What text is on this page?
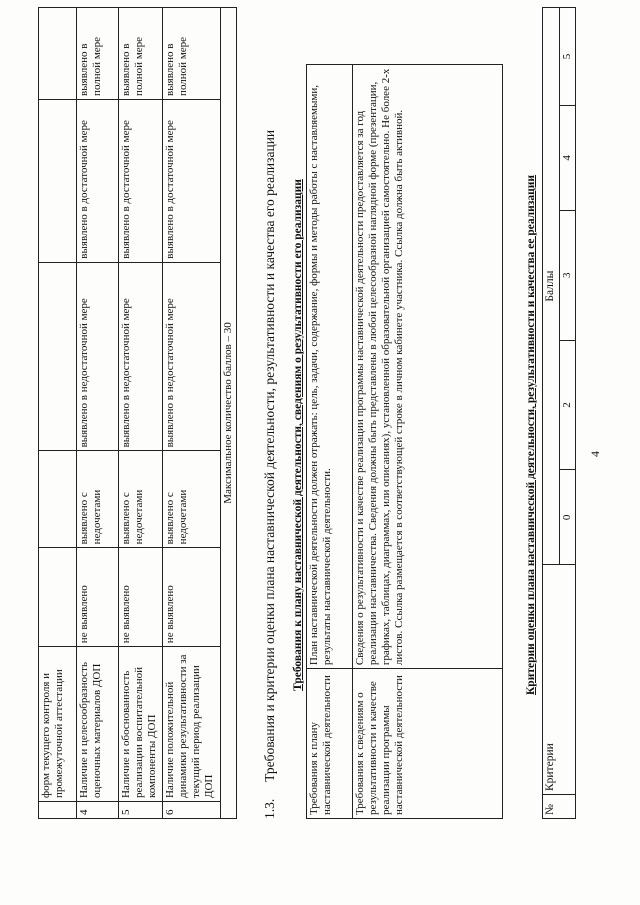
4
	форм текущего контроля и промежуточной аттестации					
4	Наличие и целесообразность оценочных материалов ДОП	не выявлено	выявлено с недочетами	выявлено в недостаточной мере	выявлено в достаточной мере	выявлено в полной мере
5	Наличие и обоснованность реализации воспитательной компоненты ДОП	не выявлено	выявлено с недочетами	выявлено в недостаточной мере	выявлено в достаточной мере	выявлено в полной мере
6	Наличие положительной динамики результативности за текущий период реализации ДОП	не выявлено	выявлено с недочетами	выявлено в недостаточной мере	выявлено в достаточной мере	выявлено в полной мере
Максимальное количество баллов – 30						
1.3.     Требования и критерии оценки плана наставнической деятельности, результативности и качества его реализации Требования к плану наставнической деятельности, сведениям о результативности его реализации
Требования к плану наставнической деятельности	План наставнической деятельности должен отражать: цель, задачи, содержание, формы и методы работы с наставляемыми, результаты наставнической деятельности.
Требования к сведениям о результативности и качестве реализации программы наставнической деятельности	Сведения о результативности и качестве реализации программы наставнической деятельности предоставляется за год реализации наставничества. Сведения должны быть представлены в любой целесообразной наглядной форме (презентации, графиках, таблицах, диаграммах, или описаниях), установленной образовательной организацией самостоятельно. Не более 2-х листов. Ссылка размещается в соответствующей строке в личном кабинете участника. Ссылка должна быть активной.	Критерии оценки плана наставнической деятельности, результативности и качества ее реализации
№	Критерии	Баллы				
		0	2	3	4	5
